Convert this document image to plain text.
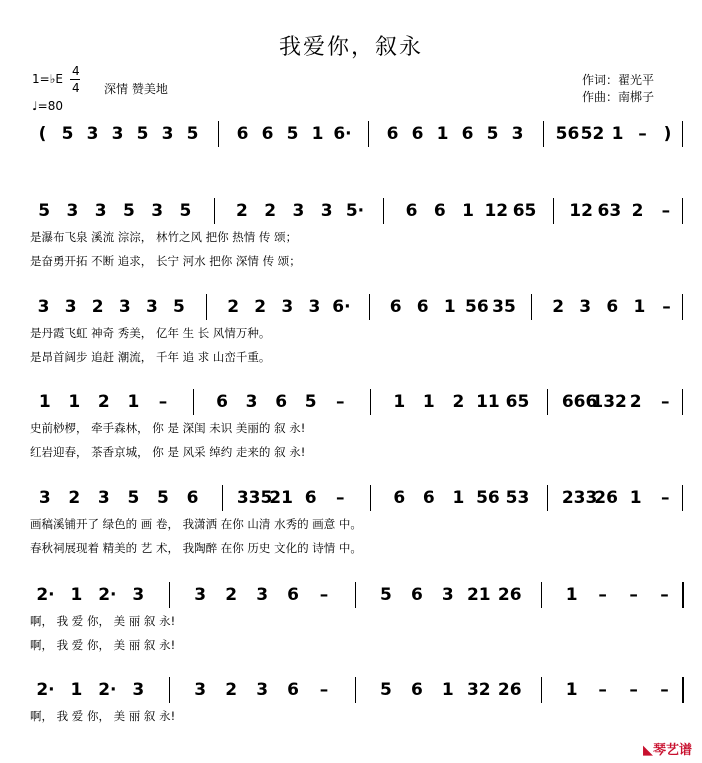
我爱你，叙永
1=♭E
4
4
♩=80
深情 赞美地
作词：翟光平
作曲：南梆子
( 5 3 3 5 3 5	6 6 5 1 6·	6 6 1 6 5 3	56 52 1 – )
5 3 3 5 3 5	2 2 3 3 5·	6 6 1 12 65 12 63 2	–
是瀑布飞泉 溪流 淙淙， 林竹之风 把你 热情 传 颂；
是奋勇开拓 不断 追求， 长宁 河水 把你 深情 传 颂；
3 3 2 3 3 5	2 2 3 3 6·	6 6 1 56 35	2 3 6 1 –
是丹霞飞虹 神奇 秀美， 亿年 生 长 风情万种。
是昂首阔步 追赶 潮流， 千年 追 求 山峦千重。
1	1	2	1	–	6	3	6	5	–	1	1	2 11 65 666
132 2	–
史前桫椤， 牵手森林， 你 是 深闺 未识 美丽的 叙 永!
红岩迎春， 茶香京城， 你 是 风采 绰约 走来的 叙 永!
3	2	3	5	5	6	335
21 6	–	6	6	1 56 53 233
26 1	–
画稿溪铺开了 绿色的 画 卷， 我潇洒 在你 山清 水秀的 画意 中。
春秋祠展现着 精美的 艺 术， 我陶醉 在你 历史 文化的 诗情 中。
2· 1 2· 3	3	2	3	6	–	5	6	3 21 26	1	–	–	–
啊， 我 爱 你， 美 丽 叙 永!
啊， 我 爱 你， 美 丽 叙 永!
2· 1 2· 3	3	2	3	6	–	5	6	1 32 26	1	–	–	–
啊， 我 爱 你， 美 丽 叙 永!
◣琴艺谱
